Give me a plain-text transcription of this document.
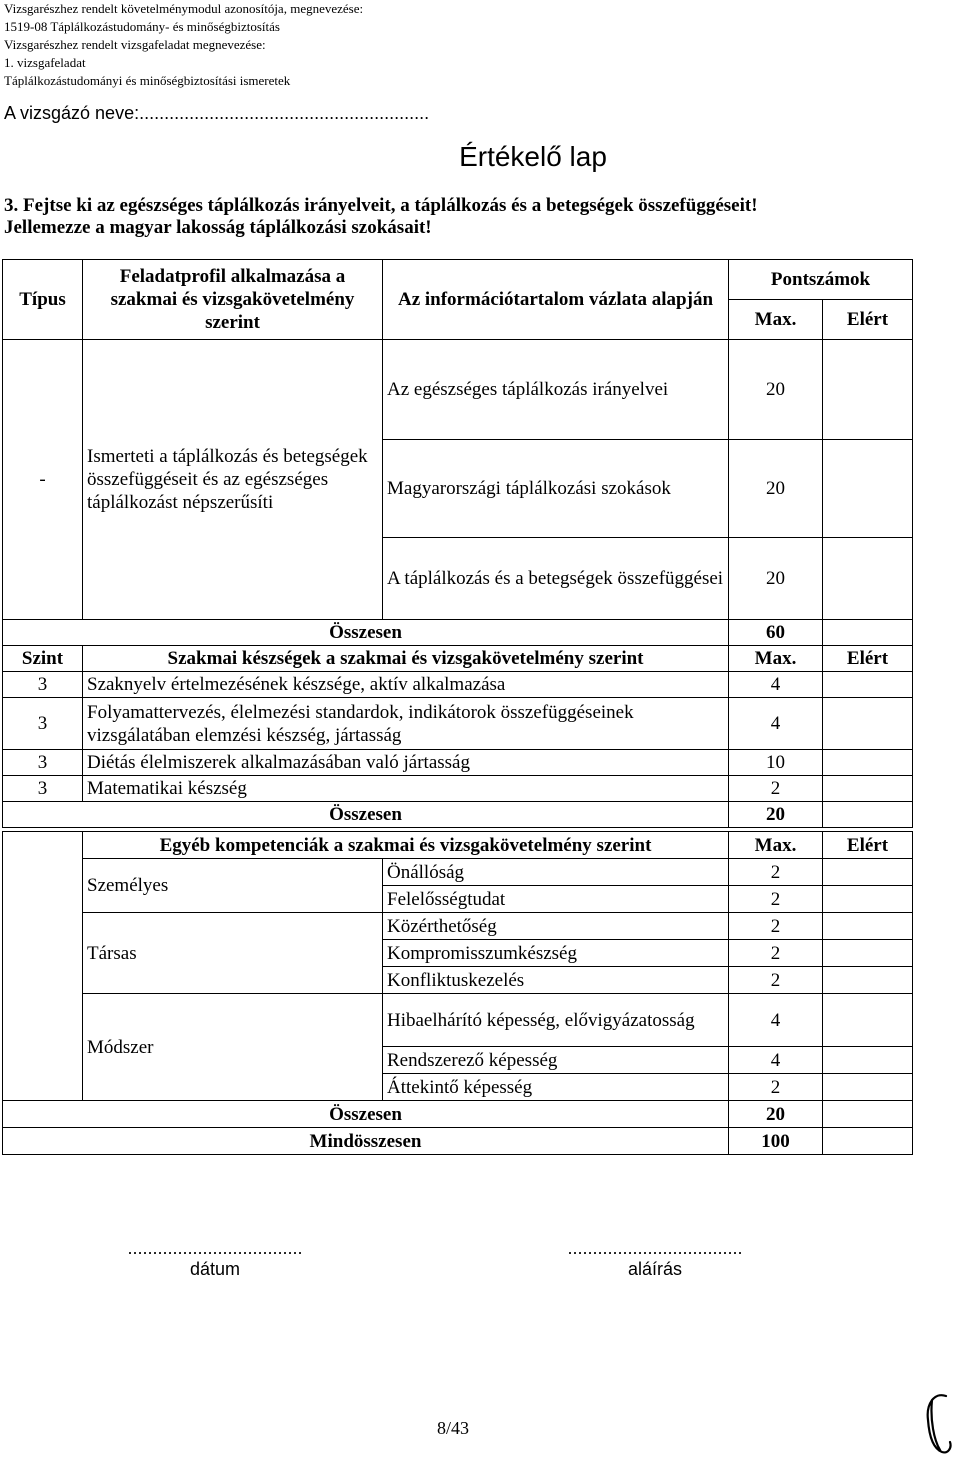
Vizsgarészhez rendelt követelménymodul azonosítója, megnevezése:
1519-08 Táplálkozástudomány- és minőségbiztosítás
Vizsgarészhez rendelt vizsgafeladat megnevezése:
1. vizsgafeladat
Táplálkozástudományi és minőségbiztosítási ismeretek
A vizsgázó neve:..........................................................
Értékelő lap
3. Fejtse ki az egészséges táplálkozás irányelveit, a táplálkozás és a betegségek összefüggéseit!
Jellemezze a magyar lakosság táplálkozási szokásait!
Típus	Feladatprofil alkalmazása a szakmai és vizsgakövetelmény szerint	Az információtartalom vázlata alapján	Pontszámok	
			Max.	Elért
-	Ismerteti a táplálkozás és betegségek összefüggéseit és az egészséges táplálkozást népszerűsíti	Az egészséges táplálkozás irányelvei	20	
		Magyarországi táplálkozási szokások	20	
		A táplálkozás és a betegségek összefüggései	20	
Összesen			60	
Szint	Szakmai készségek a szakmai és vizsgakövetelmény szerint	Max.	Elért
3	Szaknyelv értelmezésének készsége, aktív alkalmazása	4	
3	Folyamattervezés, élelmezési standardok, indikátorok összefüggéseinek vizsgálatában elemzési készség, jártasság	4	
3	Diétás élelmiszerek alkalmazásában való jártasság	10	
3	Matematikai készség	2	
Összesen		20	
	Egyéb kompetenciák a szakmai és vizsgakövetelmény szerint		Max.	Elért
	Személyes	Önállóság	2	
		Felelősségtudat	2	
	Társas	Közérthetőség	2	
		Kompromisszumkészség	2	
		Konfliktuskezelés	2	
	Módszer	Hibaelhárító képesség, elővigyázatosság	4	
		Rendszerező képesség	4	
		Áttekintő képesség	2	
Összesen			20	
Mindösszesen			100	
...................................
dátum
...................................
aláírás
8/43
